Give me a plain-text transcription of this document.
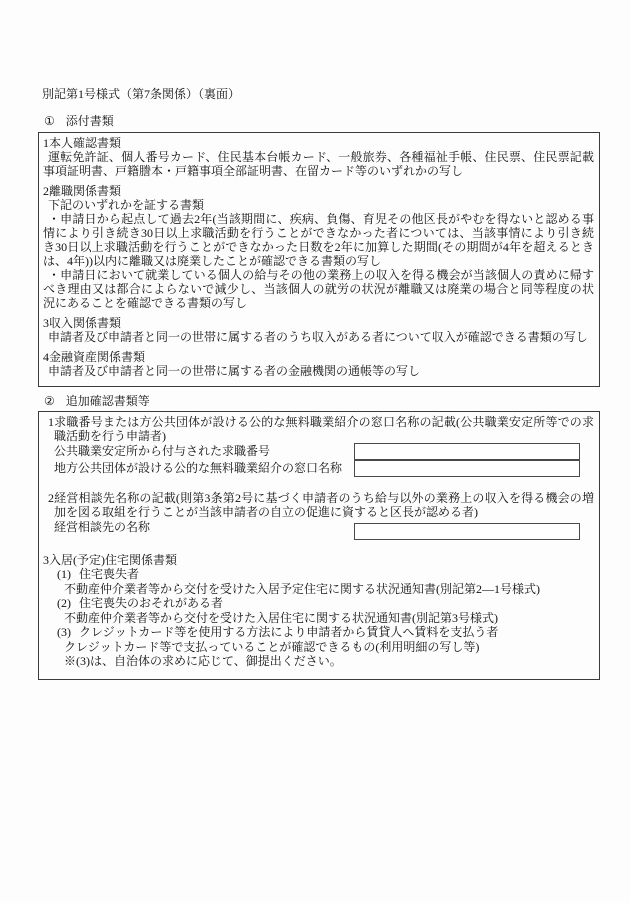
別記第1号様式（第7条関係）（裏面）
① 添付書類
1本人確認書類
運転免許証、個人番号カード、住民基本台帳カード、一般旅券、各種福祉手帳、住民票、住民票記載事項証明書、戸籍謄本・戸籍事項全部証明書、在留カード等のいずれかの写し
2離職関係書類
下記のいずれかを証する書類
・申請日から起点して過去2年(当該期間に、疾病、負傷、育児その他区長がやむを得ないと認める事情により引き続き30日以上求職活動を行うことができなかった者については、当該事情により引き続き30日以上求職活動を行うことができなかった日数を2年に加算した期間(その期間が4年を超えるときは、4年))以内に離職又は廃業したことが確認できる書類の写し
・申請日において就業している個人の給与その他の業務上の収入を得る機会が当該個人の責めに帰すべき理由又は都合によらないで減少し、当該個人の就労の状況が離職又は廃業の場合と同等程度の状況にあることを確認できる書類の写し
3収入関係書類
申請者及び申請者と同一の世帯に属する者のうち収入がある者について収入が確認できる書類の写し
4金融資産関係書類
申請者及び申請者と同一の世帯に属する者の金融機関の通帳等の写し
② 追加確認書類等
1求職番号または方公共団体が設ける公的な無料職業紹介の窓口名称の記載(公共職業安定所等での求職活動を行う申請者)
公共職業安定所から付与された求職番号
地方公共団体が設ける公的な無料職業紹介の窓口名称
2経営相談先名称の記載(則第3条第2号に基づく申請者のうち給与以外の業務上の収入を得る機会の増加を図る取組を行うことが当該申請者の自立の促進に資すると区長が認める者)
経営相談先の名称
3入居(予定)住宅関係書類
(1) 住宅喪失者
不動産仲介業者等から交付を受けた入居予定住宅に関する状況通知書(別記第2―1号様式)
(2) 住宅喪失のおそれがある者
不動産仲介業者等から交付を受けた入居住宅に関する状況通知書(別記第3号様式)
(3) クレジットカード等を使用する方法により申請者から賃貸人へ賃料を支払う者
クレジットカード等で支払っていることが確認できるもの(利用明細の写し等)
※(3)は、自治体の求めに応じて、御提出ください。
